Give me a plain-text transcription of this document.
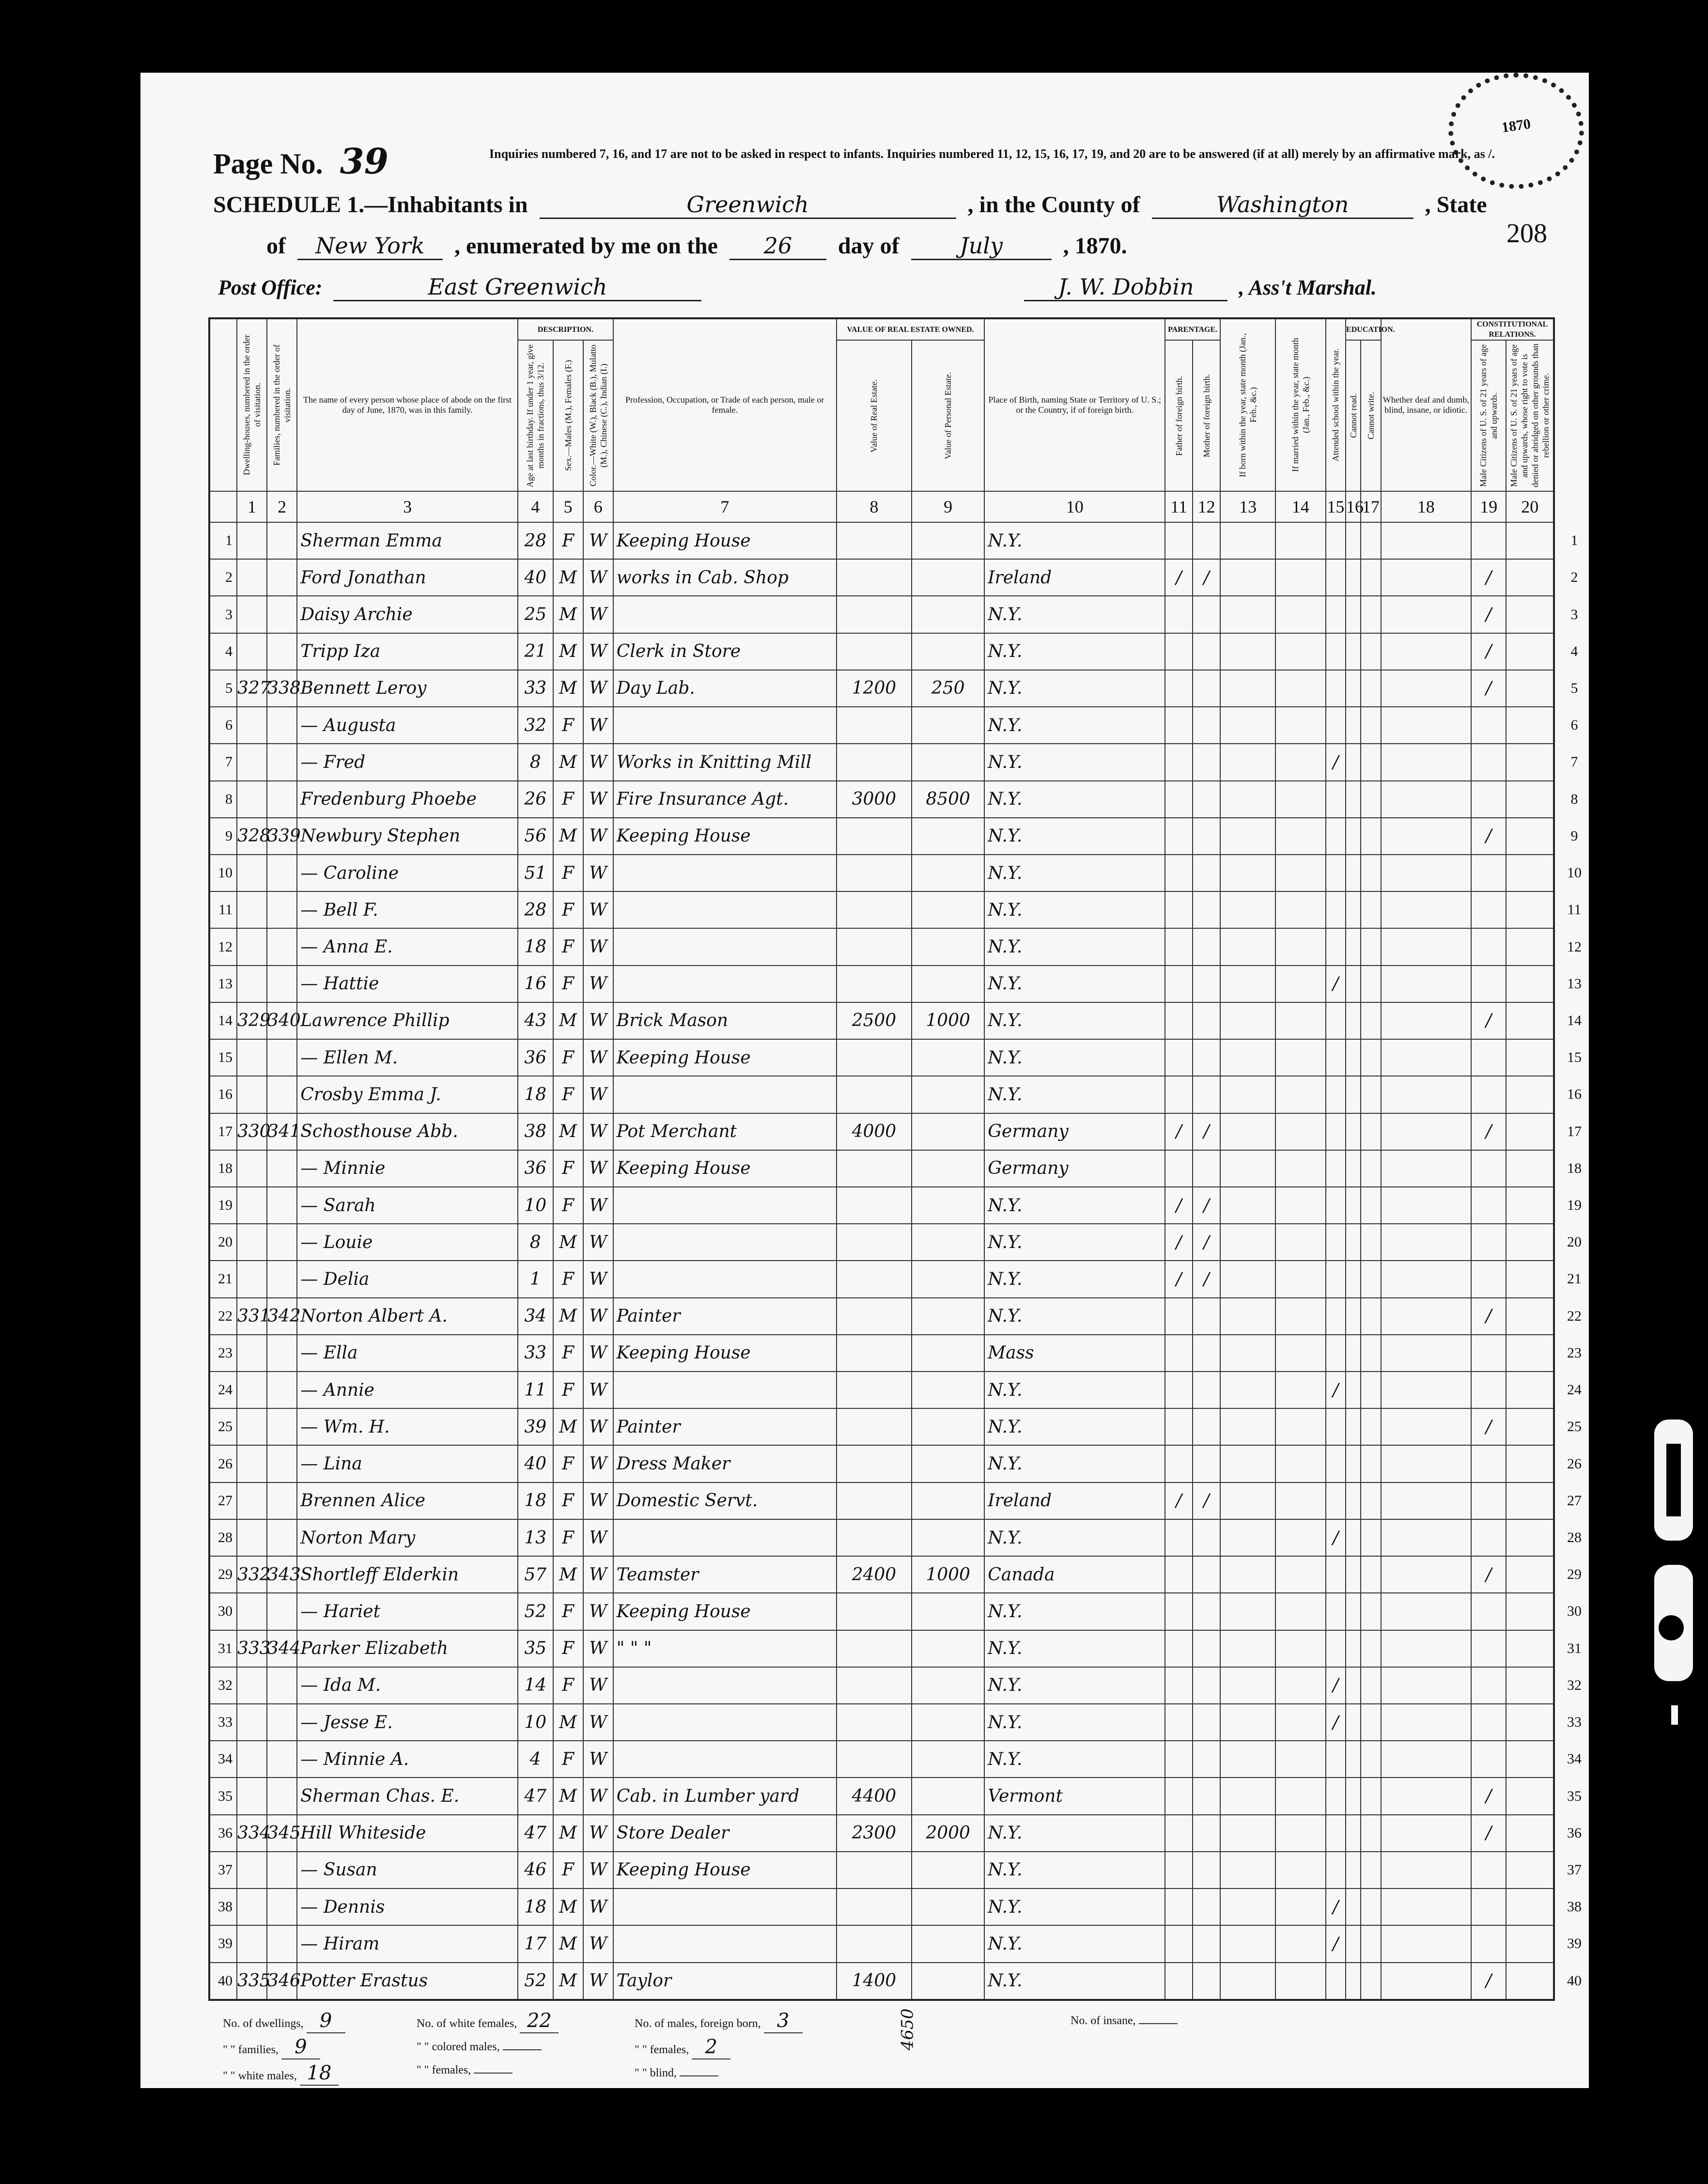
1870
Page No. 39	Inquiries numbered 7, 16, and 17 are not to be asked in respect to infants. Inquiries numbered 11, 12, 15, 16, 17, 19, and 20 are to be answered (if at all) merely by an affirmative mark, as /.
SCHEDULE 1.—Inhabitants in	Greenwich	, in the County of	Washington	, State
208
of New York , enumerated by me on the 26 day of	July	, 1870.
Post Office:	East Greenwich	J. W. Dobbin , Ass't Marshal.

	Dwelling-houses, numbered in the order of visitation.	Families, numbered in the order of visitation.	The name of every person whose place of abode on the first day of June, 1870, was in this family.	DESCRIPTION.			Profession, Occupation, or Trade of each person, male or female.	VALUE OF REAL ESTATE OWNED.		Place of Birth, naming State or Territory of U. S.; or the Country, if of foreign birth.	PARENTAGE.		If born within the year, state month (Jan., Feb., &c.)	If married within the year, state month (Jan., Feb., &c.)	Attended school within the year.	EDUCATION.		Whether deaf and dumb, blind, insane, or idiotic.	CONSTITUTIONAL RELATIONS.	

				Age at last birthday. If under 1 year, give months in fractions, thus 3/12.	Sex.—Males (M.), Females (F.)	Color.—White (W.), Black (B.), Mulatto (M.), Chinese (C.), Indian (I.)		Value of Real Estate.	Value of Personal Estate.		Father of foreign birth.	Mother of foreign birth.				Cannot read.	Cannot write.		Male Citizens of U. S. of 21 years of age and upwards.	Male Citizens of U. S. of 21 years of age and upwards, whose right to vote is denied or abridged on other grounds than rebellion or other crime.

	1	2	3	4	5	6	7	8	9	10	11	12	13	14	15	16	17	18	19	20
1			Sherman Emma	28	F	W	Keeping House			N.Y.										
2			Ford Jonathan	40	M	W	works in Cab. Shop			Ireland	/	/							/	
3			Daisy Archie	25	M	W				N.Y.									/	
4			Tripp Iza	21	M	W	Clerk in Store			N.Y.									/	
5	327	338	Bennett Leroy	33	M	W	Day Lab.	1200	250	N.Y.									/	
6			— Augusta	32	F	W				N.Y.										
7			— Fred	8	M	W	Works in Knitting Mill			N.Y.					/					
8			Fredenburg Phoebe	26	F	W	Fire Insurance Agt.	3000	8500	N.Y.										
9	328	339	Newbury Stephen	56	M	W	Keeping House			N.Y.									/	
10			— Caroline	51	F	W				N.Y.										
11			— Bell F.	28	F	W				N.Y.										
12			— Anna E.	18	F	W				N.Y.										
13			— Hattie	16	F	W				N.Y.					/					
14	329	340	Lawrence Phillip	43	M	W	Brick Mason	2500	1000	N.Y.									/	
15			— Ellen M.	36	F	W	Keeping House			N.Y.										
16			Crosby Emma J.	18	F	W				N.Y.										
17	330	341	Schosthouse Abb.	38	M	W	Pot Merchant	4000		Germany	/	/							/	
18			— Minnie	36	F	W	Keeping House			Germany										
19			— Sarah	10	F	W				N.Y.	/	/								
20			— Louie	8	M	W				N.Y.	/	/								
21			— Delia	1	F	W				N.Y.	/	/								
22	331	342	Norton Albert A.	34	M	W	Painter			N.Y.									/	
23			— Ella	33	F	W	Keeping House			Mass										
24			— Annie	11	F	W				N.Y.					/					
25			— Wm. H.	39	M	W	Painter			N.Y.									/	
26			— Lina	40	F	W	Dress Maker			N.Y.										
27			Brennen Alice	18	F	W	Domestic Servt.			Ireland	/	/								
28			Norton Mary	13	F	W				N.Y.					/					
29	332	343	Shortleff Elderkin	57	M	W	Teamster	2400	1000	Canada									/	
30			— Hariet	52	F	W	Keeping House			N.Y.										
31	333	344	Parker Elizabeth	35	F	W	" " "			N.Y.										
32			— Ida M.	14	F	W				N.Y.					/					
33			— Jesse E.	10	M	W				N.Y.					/					
34			— Minnie A.	4	F	W				N.Y.										
35			Sherman Chas. E.	47	M	W	Cab. in Lumber yard	4400		Vermont									/	
36	334	345	Hill Whiteside	47	M	W	Store Dealer	2300	2000	N.Y.									/	
37			— Susan	46	F	W	Keeping House			N.Y.										
38			— Dennis	18	M	W				N.Y.					/					
39			— Hiram	17	M	W				N.Y.					/					
40	335	346	Potter Erastus	52	M	W	Taylor	1400		N.Y.									/	
1
2
3
4
5
6
7
8
9
10
11
12
13
14
15
16
17
18
19
20
21
22
23
24
25
26
27
28
29
30
31
32
33
34
35
36
37
38
39
40
No. of dwellings, 9
" " families, 9
" " white males, 18
No. of white females, 22
" " colored males,
" " females,
No. of males, foreign born, 3
" " females, 2
" " blind,
4650	No. of insane,
